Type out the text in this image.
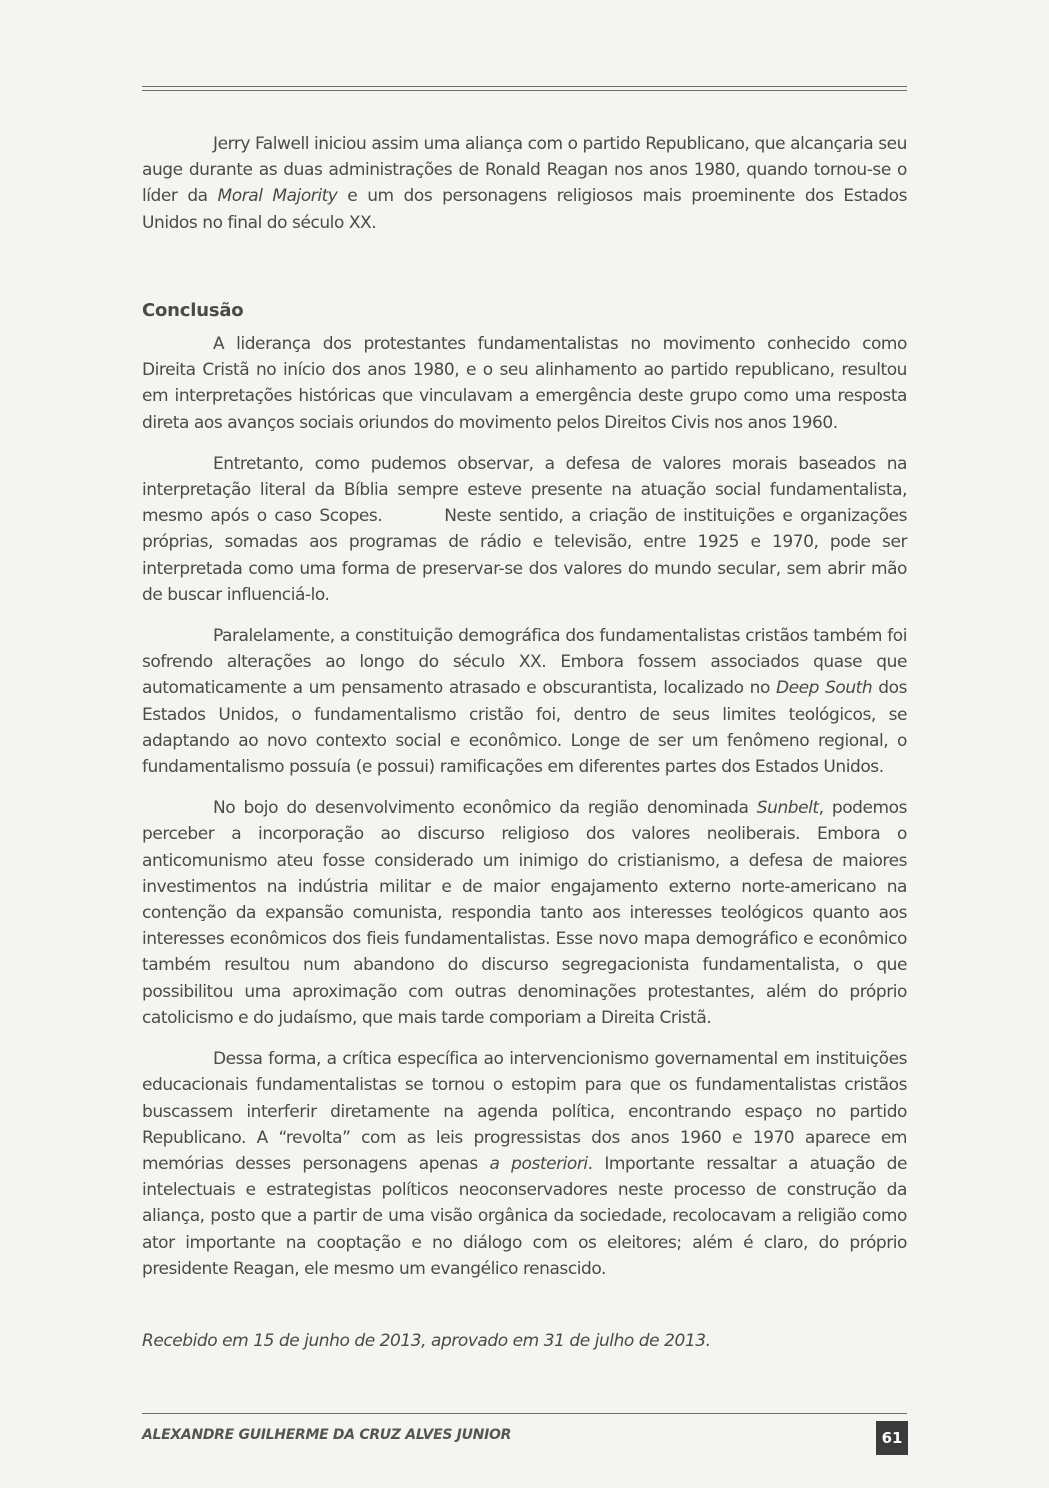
Jerry Falwell iniciou assim uma aliança com o partido Republicano, que alcançaria seu auge durante as duas administrações de Ronald Reagan nos anos 1980, quando tornou-se o líder da Moral Majority e um dos personagens religiosos mais proeminente dos Estados Unidos no final do século XX.

Conclusão

A liderança dos protestantes fundamentalistas no movimento conhecido como Direita Cristã no início dos anos 1980, e o seu alinhamento ao partido republicano, resultou em interpretações históricas que vinculavam a emergência deste grupo como uma resposta direta aos avanços sociais oriundos do movimento pelos Direitos Civis nos anos 1960.

Entretanto, como pudemos observar, a defesa de valores morais baseados na interpretação literal da Bíblia sempre esteve presente na atuação social fundamentalista, mesmo após o caso Scopes.        Neste sentido, a criação de instituições e organizações próprias, somadas aos programas de rádio e televisão, entre 1925 e 1970, pode ser interpretada como uma forma de preservar-se dos valores do mundo secular, sem abrir mão de buscar influenciá-lo.

Paralelamente, a constituição demográfica dos fundamentalistas cristãos também foi sofrendo alterações ao longo do século XX. Embora fossem associados quase que automaticamente a um pensamento atrasado e obscurantista, localizado no Deep South dos Estados Unidos, o fundamentalismo cristão foi, dentro de seus limites teológicos, se adaptando ao novo contexto social e econômico. Longe de ser um fenômeno regional, o fundamentalismo possuía (e possui) ramificações em diferentes partes dos Estados Unidos.

No bojo do desenvolvimento econômico da região denominada Sunbelt, podemos perceber a incorporação ao discurso religioso dos valores neoliberais. Embora o anticomunismo ateu fosse considerado um inimigo do cristianismo, a defesa de maiores investimentos na indústria militar e de maior engajamento externo norte-americano na contenção da expansão comunista, respondia tanto aos interesses teológicos quanto aos interesses econômicos dos fieis fundamentalistas. Esse novo mapa demográfico e econômico também resultou num abandono do discurso segregacionista fundamentalista, o que possibilitou uma aproximação com outras denominações protestantes, além do próprio catolicismo e do judaísmo, que mais tarde comporiam a Direita Cristã.

Dessa forma, a crítica específica ao intervencionismo governamental em instituições educacionais fundamentalistas se tornou o estopim para que os fundamentalistas cristãos buscassem interferir diretamente na agenda política, encontrando espaço no partido Republicano. A “revolta” com as leis progressistas dos anos 1960 e 1970 aparece em memórias desses personagens apenas a posteriori. Importante ressaltar a atuação de intelectuais e estrategistas políticos neoconservadores neste processo de construção da aliança, posto que a partir de uma visão orgânica da sociedade, recolocavam a religião como ator importante na cooptação e no diálogo com os eleitores; além é claro, do próprio presidente Reagan, ele mesmo um evangélico renascido.

Recebido em 15 de junho de 2013, aprovado em 31 de julho de 2013.
ALEXANDRE GUILHERME DA CRUZ ALVES JUNIOR	61
